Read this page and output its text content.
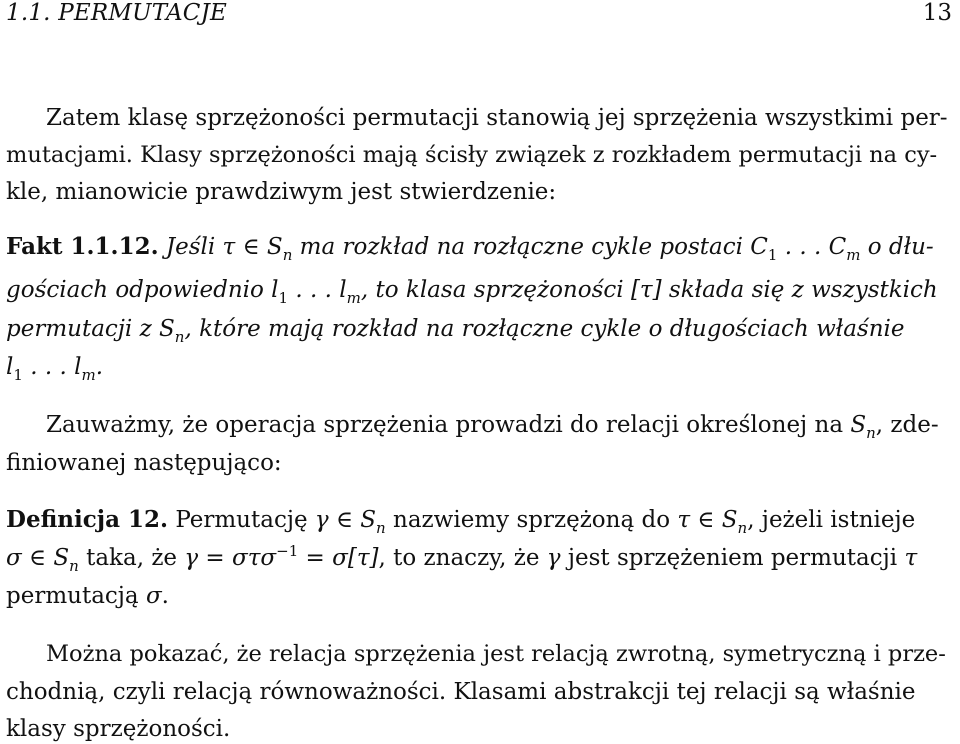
1.1. PERMUTACJE	13
Zatem klasę sprzężoności permutacji stanowią jej sprzężenia wszystkimi per-
mutacjami. Klasy sprzężoności mają ścisły związek z rozkładem permutacji na cy-
kle, mianowicie prawdziwym jest stwierdzenie:
Fakt 1.1.12. Jeśli τ ∈ $S_n$ ma rozkład na rozłączne cykle postaci $C_1$ . . . $C_m$ o dłu-
gościach odpowiednio $l_1$ . . . $l_m$, to klasa sprzężoności [τ] składa się z wszystkich
permutacji z $S_n$, które mają rozkład na rozłączne cykle o długościach właśnie
$l_1$ . . . $l_m$.
Zauważmy, że operacja sprzężenia prowadzi do relacji określonej na $S_n$, zde-
finiowanej następująco:
Definicja 12. Permutację γ ∈ $S_n$ nazwiemy sprzężoną do τ ∈ $S_n$, jeżeli istnieje
σ ∈ $S_n$ taka, że γ = στσ$^{-1}$ = σ[τ], to znaczy, że γ jest sprzężeniem permutacji τ
permutacją σ.
Można pokazać, że relacja sprzężenia jest relacją zwrotną, symetryczną i prze-
chodnią, czyli relacją równoważności. Klasami abstrakcji tej relacji są właśnie
klasy sprzężoności.
